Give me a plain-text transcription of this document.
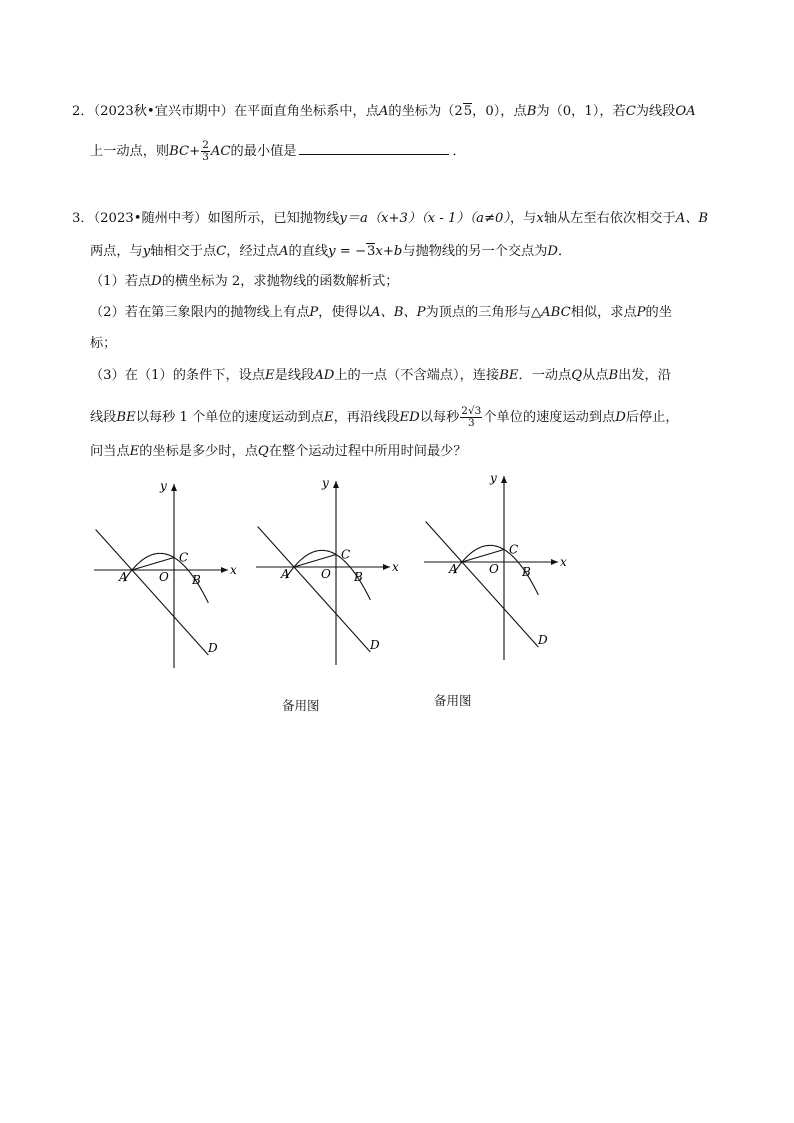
2．（2023秋•宜兴市期中）在平面直角坐标系中，点A的坐标为（25，0），点B为（0，1），若C为线段OA
上一动点，则$BC+ \frac{2}{3}$ AC的最小值是	．
3．（2023•随州中考）如图所示，已知抛物线y＝a（x+3）（x - 1）（a≠0），与x轴从左至右依次相交于A、B
两点，与y轴相交于点C，经过点A的直线y = −3x+b与抛物线的另一个交点为D．
（1）若点D的横坐标为 2，求抛物线的函数解析式；
（2）若在第三象限内的抛物线上有点P，使得以A、B、P为顶点的三角形与△ABC相似，求点P的坐
标；
（3）在（1）的条件下，设点E是线段AD上的一点（不含端点），连接BE．一动点Q从点B出发，沿
线段BE以每秒 1 个单位的速度运动到点E，再沿线段ED以每秒 $\frac{2√3}{3}$ 个单位的速度运动到点D后停止，
问当点E的坐标是多少时，点Q在整个运动过程中所用时间最少？
y
x
C
A	O B
D
y
x
C
A	O B
D
y
x
C
A	O B
D
备用图	备用图
